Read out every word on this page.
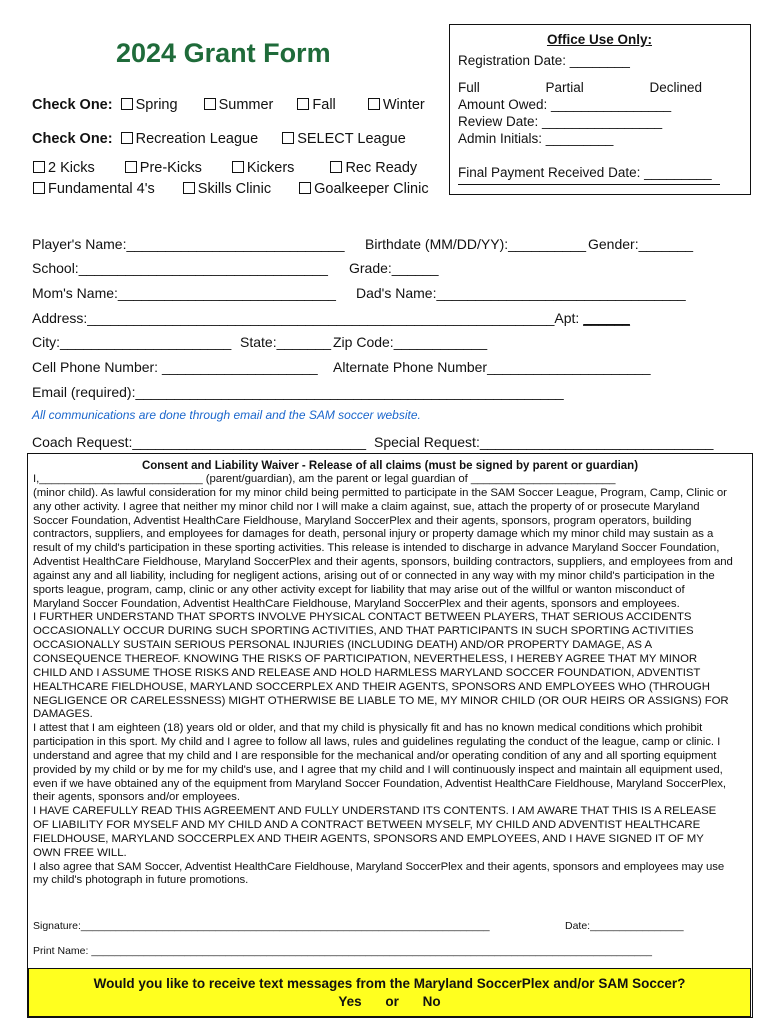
2024 Grant Form	Office Use Only:
Registration Date: ________
Full	Partial	Declined
Amount Owed: ________________
Review Date: ________________
Admin Initials: _________
Final Payment Received Date: _________
Check One: Spring	Summer	Fall	Winter
Check One: Recreation League	SELECT League
2 Kicks	Pre-Kicks	Kickers	Rec Ready
Fundamental 4's	Skills Clinic	Goalkeeper Clinic
Player's Name:____________________________ Birthdate (MM/DD/YY):__________ Gender:_______
School:________________________________ Grade:______
Mom's Name:____________________________ Dad's Name:________________________________
Address:____________________________________________________________Apt: ______
City:______________________ State:_______ Zip Code:____________
Cell Phone Number: ____________________ Alternate Phone Number_____________________
Email (required):_______________________________________________________
All communications are done through email and the SAM soccer website.
Coach Request:______________________________ Special Request:______________________________
Consent and Liability Waiver - Release of all claims (must be signed by parent or guardian)
I,__________________________ (parent/guardian), am the parent or legal guardian of _______________________
(minor child). As lawful consideration for my minor child being permitted to participate in the SAM Soccer League, Program, Camp, Clinic or any other activity. I agree that neither my minor child nor I will make a claim against, sue, attach the property of or prosecute Maryland Soccer Foundation, Adventist HealthCare Fieldhouse, Maryland SoccerPlex and their agents, sponsors, program operators, building contractors, suppliers, and employees for damages for death, personal injury or property damage which my minor child may sustain as a result of my child's participation in these sporting activities. This release is intended to discharge in advance Maryland Soccer Foundation, Adventist HealthCare Fieldhouse, Maryland SoccerPlex and their agents, sponsors, building contractors, suppliers, and employees from and against any and all liability, including for negligent actions, arising out of or connected in any way with my minor child's participation in the sports league, program, camp, clinic or any other activity except for liability that may arise out of the willful or wanton misconduct of Maryland Soccer Foundation, Adventist HealthCare Fieldhouse, Maryland SoccerPlex and their agents, sponsors and employees.
I FURTHER UNDERSTAND THAT SPORTS INVOLVE PHYSICAL CONTACT BETWEEN PLAYERS, THAT SERIOUS ACCIDENTS OCCASIONALLY OCCUR DURING SUCH SPORTING ACTIVITIES, AND THAT PARTICIPANTS IN SUCH SPORTING ACTIVITIES OCCASIONALLY SUSTAIN SERIOUS PERSONAL INJURIES (INCLUDING DEATH) AND/OR PROPERTY DAMAGE, AS A CONSEQUENCE THEREOF. KNOWING THE RISKS OF PARTICIPATION, NEVERTHELESS, I HEREBY AGREE THAT MY MINOR CHILD AND I ASSUME THOSE RISKS AND RELEASE AND HOLD HARMLESS MARYLAND SOCCER FOUNDATION, ADVENTIST HEALTHCARE FIELDHOUSE, MARYLAND SOCCERPLEX AND THEIR AGENTS, SPONSORS AND EMPLOYEES WHO (THROUGH NEGLIGENCE OR CARELESSNESS) MIGHT OTHERWISE BE LIABLE TO ME, MY MINOR CHILD (OR OUR HEIRS OR ASSIGNS) FOR DAMAGES.
I attest that I am eighteen (18) years old or older, and that my child is physically fit and has no known medical conditions which prohibit participation in this sport. My child and I agree to follow all laws, rules and guidelines regulating the conduct of the league, camp or clinic. I understand and agree that my child and I are responsible for the mechanical and/or operating condition of any and all sporting equipment provided by my child or by me for my child's use, and I agree that my child and I will continuously inspect and maintain all equipment used, even if we have obtained any of the equipment from Maryland Soccer Foundation, Adventist HealthCare Fieldhouse, Maryland SoccerPlex, their agents, sponsors and/or employees.
I HAVE CAREFULLY READ THIS AGREEMENT AND FULLY UNDERSTAND ITS CONTENTS. I AM AWARE THAT THIS IS A RELEASE OF LIABILITY FOR MYSELF AND MY CHILD AND A CONTRACT BETWEEN MYSELF, MY CHILD AND ADVENTIST HEALTHCARE FIELDHOUSE, MARYLAND SOCCERPLEX AND THEIR AGENTS, SPONSORS AND EMPLOYEES, AND I HAVE SIGNED IT OF MY OWN FREE WILL.
I also agree that SAM Soccer, Adventist HealthCare Fieldhouse, Maryland SoccerPlex and their agents, sponsors and employees may use my child's photograph in future promotions.
Signature:______________________________________________________________________	Date:________________
Print Name: ________________________________________________________________________________________________
Would you like to receive text messages from the Maryland SoccerPlex and/or SAM Soccer?
Yes or No
